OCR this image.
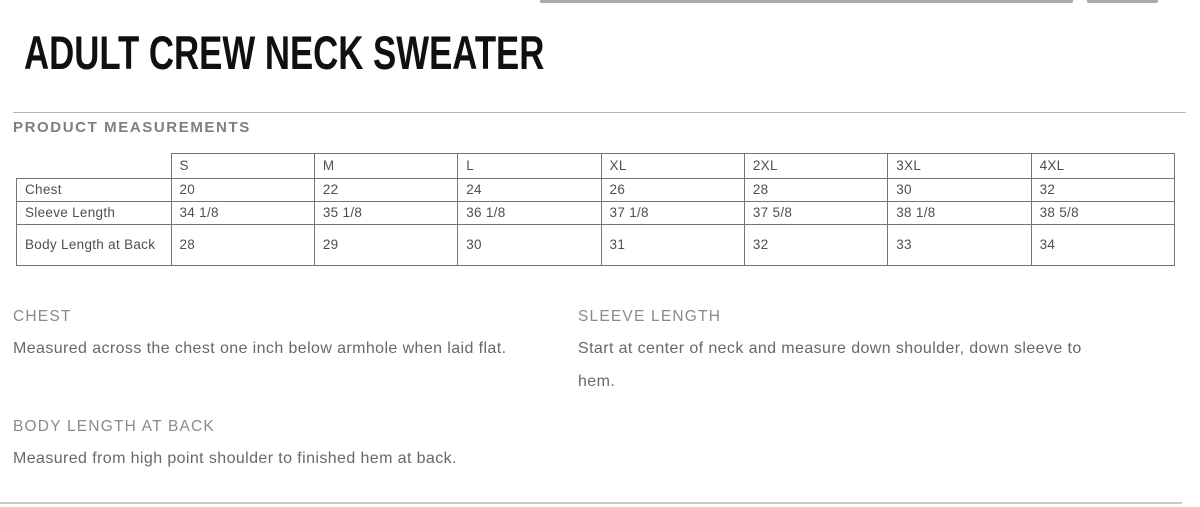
ADULT CREW NECK SWEATER
PRODUCT MEASUREMENTS
	S	M	L	XL	2XL	3XL	4XL
Chest	20	22	24	26	28	30	32
Sleeve Length	34 1/8	35 1/8	36 1/8	37 1/8	37 5/8	38 1/8	38 5/8
Body Length at Back	28	29	30	31	32	33	34
CHEST

Measured across the chest one inch below armhole when laid flat.

SLEEVE LENGTH

Start at center of neck and measure down shoulder, down sleeve to hem.

BODY LENGTH AT BACK

Measured from high point shoulder to finished hem at back.
